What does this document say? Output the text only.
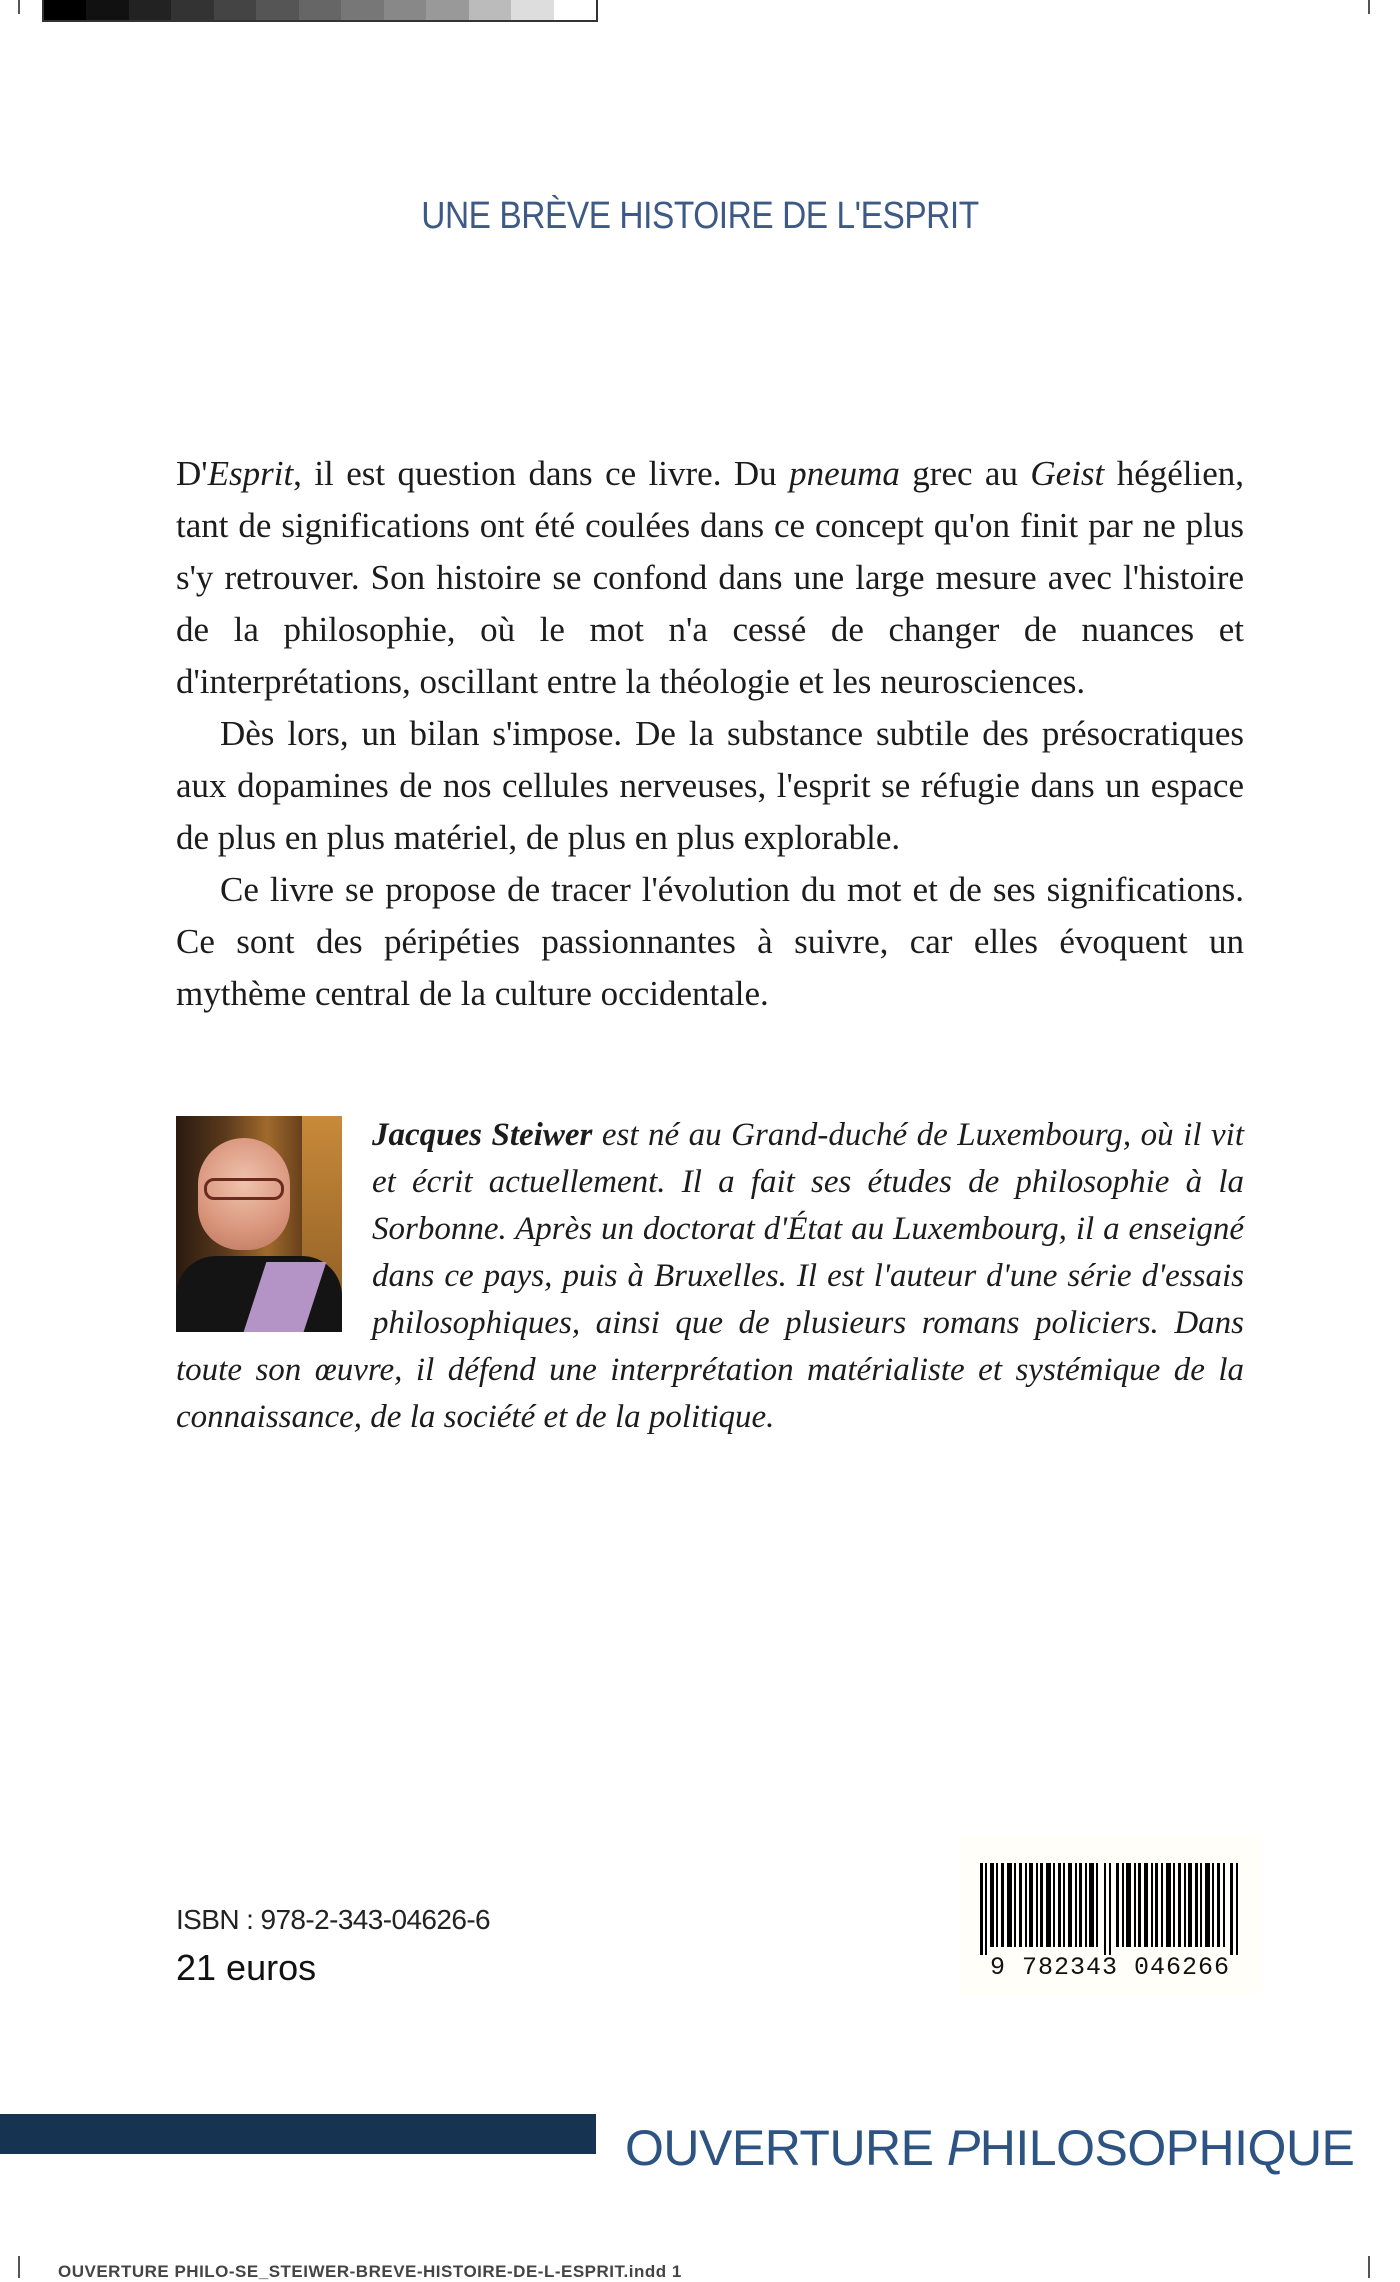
UNE BRÈVE HISTOIRE DE L'ESPRIT

D'Esprit, il est question dans ce livre. Du pneuma grec au Geist hégélien, tant de significations ont été coulées dans ce concept qu'on finit par ne plus s'y retrouver. Son histoire se confond dans une large mesure avec l'histoire de la philosophie, où le mot n'a cessé de changer de nuances et d'interprétations, oscillant entre la théologie et les neurosciences.

Dès lors, un bilan s'impose. De la substance subtile des présocratiques aux dopamines de nos cellules nerveuses, l'esprit se réfugie dans un espace de plus en plus matériel, de plus en plus explorable.

Ce livre se propose de tracer l'évolution du mot et de ses significations. Ce sont des péripéties passionnantes à suivre, car elles évoquent un mythème central de la culture occidentale.

Jacques Steiwer est né au Grand-duché de Luxembourg, où il vit et écrit actuellement. Il a fait ses études de philosophie à la Sorbonne. Après un doctorat d'État au Luxembourg, il a enseigné dans ce pays, puis à Bruxelles. Il est l'auteur d'une série d'essais philosophiques, ainsi que de plusieurs romans policiers. Dans toute son œuvre, il défend une interprétation matérialiste et systémique de la connaissance, de la société et de la politique.
ISBN : 978-2-343-04626-6
21 euros	9 782343 046266
OUVERTURE PHILOSOPHIQUE
OUVERTURE PHILO-SE_STEIWER-BREVE-HISTOIRE-DE-L-ESPRIT.indd 1
